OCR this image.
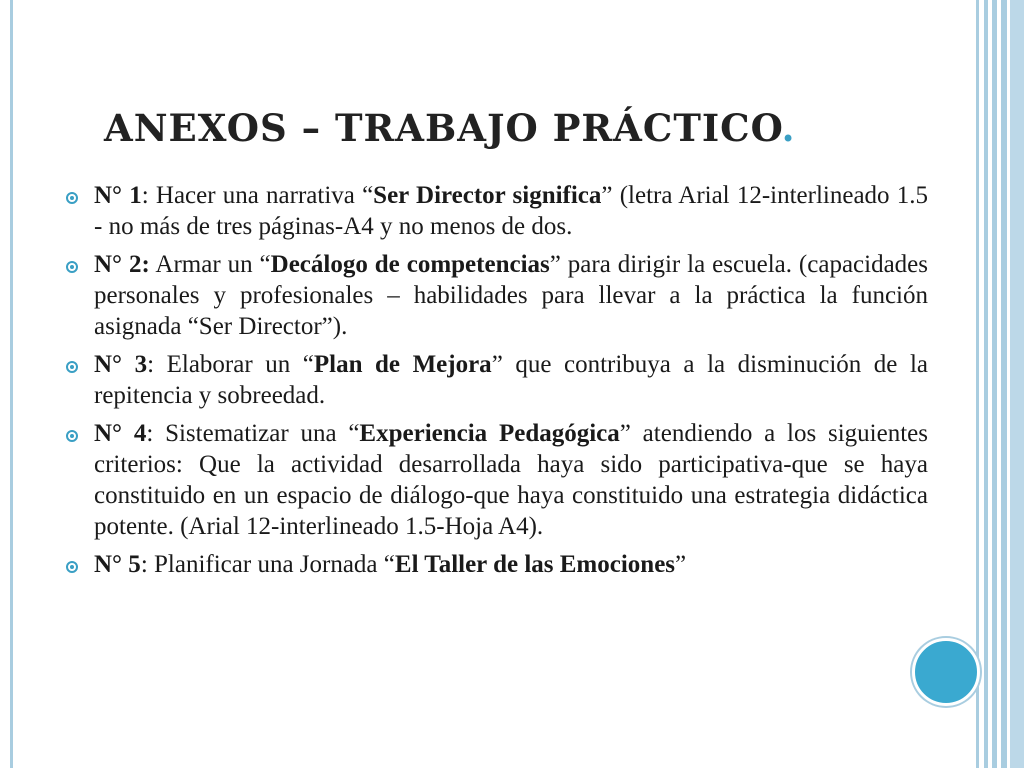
ANEXOS – TRABAJO PRÁCTICO.
N° 1: Hacer una narrativa “Ser Director significa” (letra Arial 12-interlineado 1.5 - no más de tres páginas-A4 y no menos de dos.
N° 2: Armar un “Decálogo de competencias” para dirigir la escuela. (capacidades personales y profesionales – habilidades para llevar a la práctica la función asignada “Ser Director”).
N° 3: Elaborar un “Plan de Mejora” que contribuya a la disminución de la repitencia y sobreedad.
N° 4: Sistematizar una “Experiencia Pedagógica” atendiendo a los siguientes criterios: Que la actividad desarrollada haya sido participativa-que se haya constituido en un espacio de diálogo-que haya constituido una estrategia didáctica potente. (Arial 12-interlineado 1.5-Hoja A4).
N° 5: Planificar una Jornada “El Taller de las Emociones”
